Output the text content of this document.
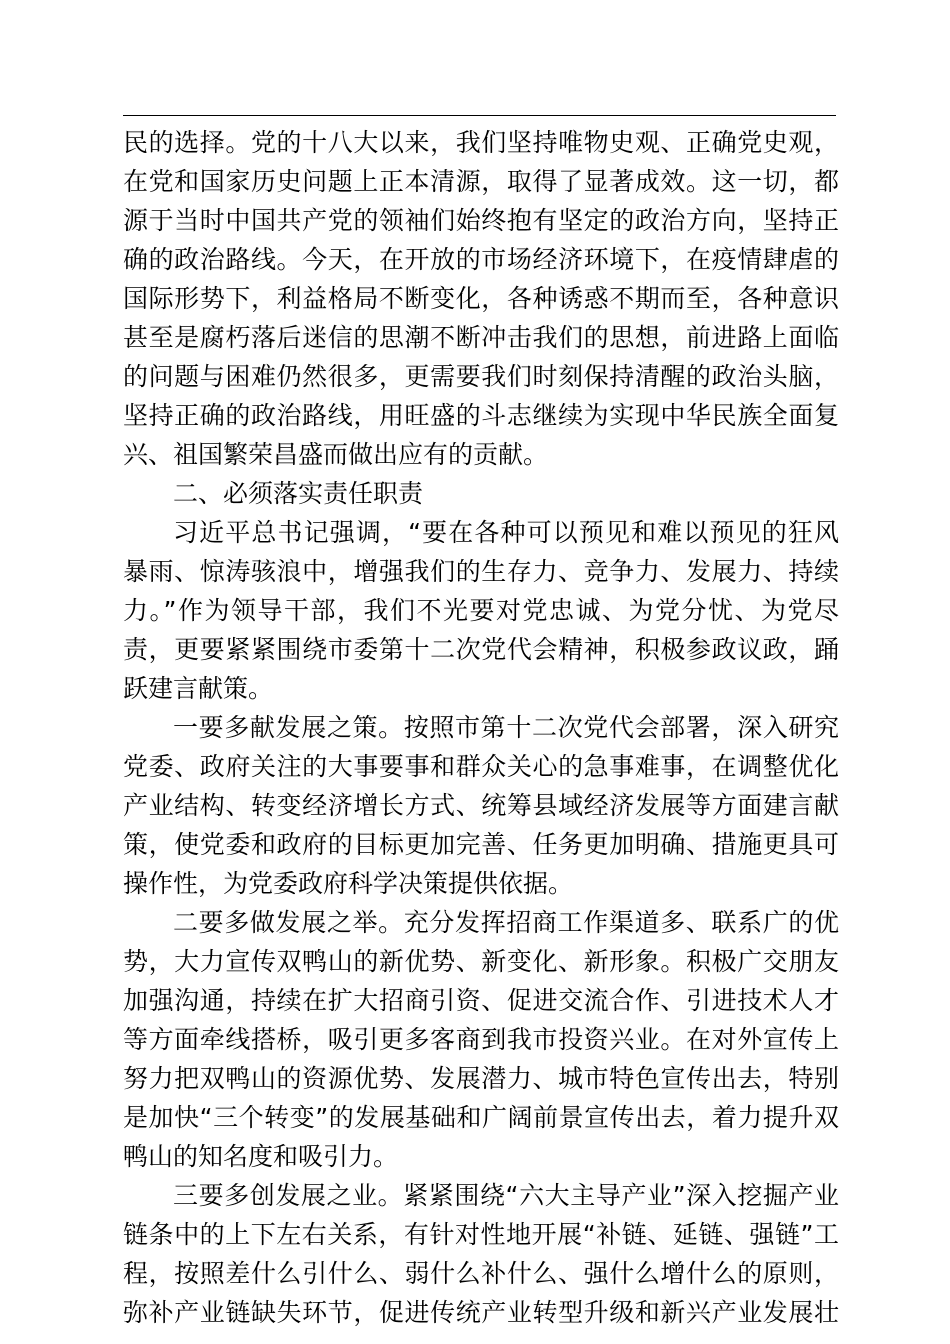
民的选择。党的十八大以来，我们坚持唯物史观、正确党史观，
在党和国家历史问题上正本清源，取得了显著成效。这一切，都
源于当时中国共产党的领袖们始终抱有坚定的政治方向，坚持正
确的政治路线。今天，在开放的市场经济环境下，在疫情肆虐的
国际形势下，利益格局不断变化，各种诱惑不期而至，各种意识
甚至是腐朽落后迷信的思潮不断冲击我们的思想，前进路上面临
的问题与困难仍然很多，更需要我们时刻保持清醒的政治头脑，
坚持正确的政治路线，用旺盛的斗志继续为实现中华民族全面复
兴、祖国繁荣昌盛而做出应有的贡献。
二、必须落实责任职责
习近平总书记强调，“要在各种可以预见和难以预见的狂风
暴雨、惊涛骇浪中，增强我们的生存力、竞争力、发展力、持续
力。”作为领导干部，我们不光要对党忠诚、为党分忧、为党尽
责，更要紧紧围绕市委第十二次党代会精神，积极参政议政，踊
跃建言献策。
一要多献发展之策。按照市第十二次党代会部署，深入研究
党委、政府关注的大事要事和群众关心的急事难事，在调整优化
产业结构、转变经济增长方式、统筹县域经济发展等方面建言献
策，使党委和政府的目标更加完善、任务更加明确、措施更具可
操作性，为党委政府科学决策提供依据。
二要多做发展之举。充分发挥招商工作渠道多、联系广的优
势，大力宣传双鸭山的新优势、新变化、新形象。积极广交朋友
加强沟通，持续在扩大招商引资、促进交流合作、引进技术人才
等方面牵线搭桥，吸引更多客商到我市投资兴业。在对外宣传上
努力把双鸭山的资源优势、发展潜力、城市特色宣传出去，特别
是加快“三个转变”的发展基础和广阔前景宣传出去，着力提升双
鸭山的知名度和吸引力。
三要多创发展之业。紧紧围绕“六大主导产业”深入挖掘产业
链条中的上下左右关系，有针对性地开展“补链、延链、强链”工
程，按照差什么引什么、弱什么补什么、强什么增什么的原则，
弥补产业链缺失环节，促进传统产业转型升级和新兴产业发展壮
